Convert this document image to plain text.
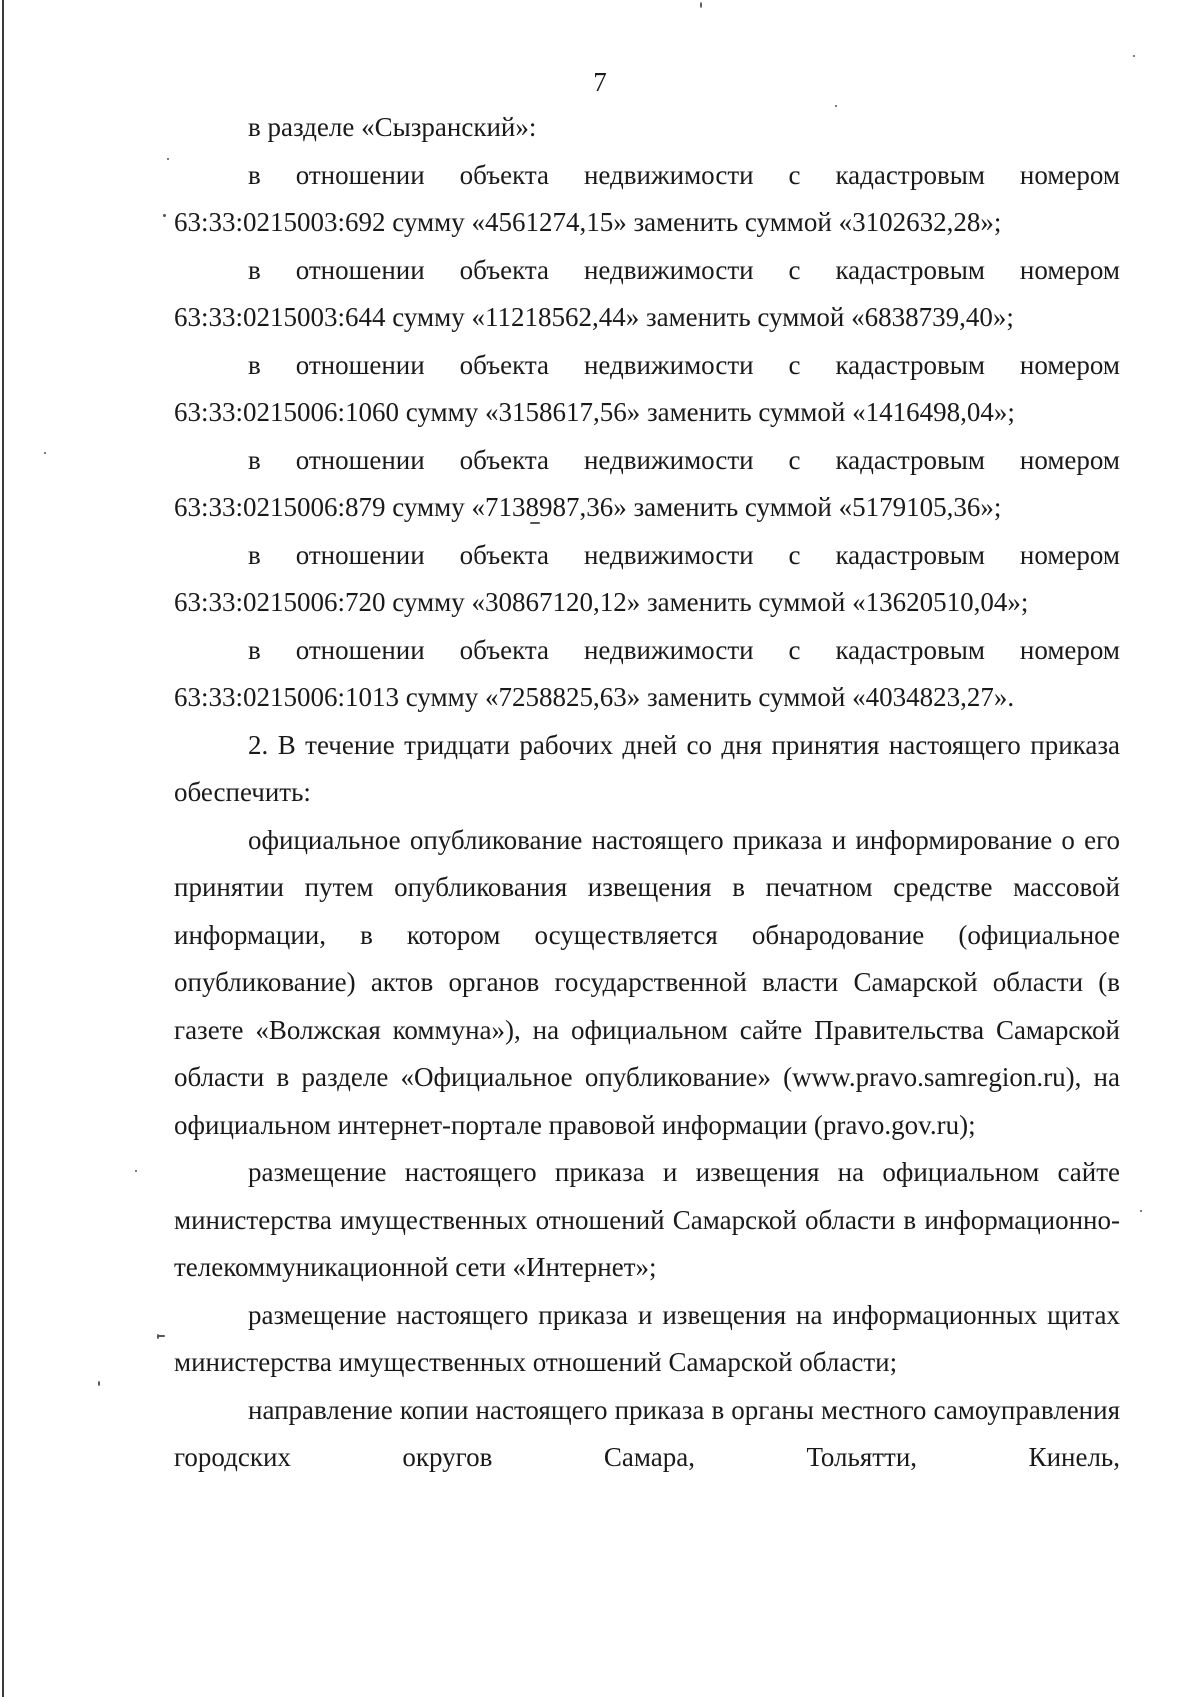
7

в разделе «Сызранский»:

в отношении объекта недвижимости с кадастровым номером 63:33:0215003:692 сумму «4561274,15» заменить суммой «3102632,28»;

в отношении объекта недвижимости с кадастровым номером 63:33:0215003:644 сумму «11218562,44» заменить суммой «6838739,40»;

в отношении объекта недвижимости с кадастровым номером 63:33:0215006:1060 сумму «3158617,56» заменить суммой «1416498,04»;

в отношении объекта недвижимости с кадастровым номером 63:33:0215006:879 сумму «7138987,36» заменить суммой «5179105,36»;

в отношении объекта недвижимости с кадастровым номером 63:33:0215006:720 сумму «30867120,12» заменить суммой «13620510,04»;

в отношении объекта недвижимости с кадастровым номером 63:33:0215006:1013 сумму «7258825,63» заменить суммой «4034823,27».

2. В течение тридцати рабочих дней со дня принятия настоящего приказа обеспечить:

официальное опубликование настоящего приказа и информирование о его принятии путем опубликования извещения в печатном средстве массовой информации, в котором осуществляется обнародование (официальное опубликование) актов органов государственной власти Самарской области (в газете «Волжская коммуна»), на официальном сайте Правительства Самарской области в разделе «Официальное опубликование» (www.pravo.samregion.ru), на официальном интернет-портале правовой информации (pravo.gov.ru);

размещение настоящего приказа и извещения на официальном сайте министерства имущественных отношений Самарской области в информационно-телекоммуникационной сети «Интернет»;

размещение настоящего приказа и извещения на информационных щитах министерства имущественных отношений Самарской области;

направление копии настоящего приказа в органы местного самоуправления городских округов Самара, Тольятти, Кинель,
